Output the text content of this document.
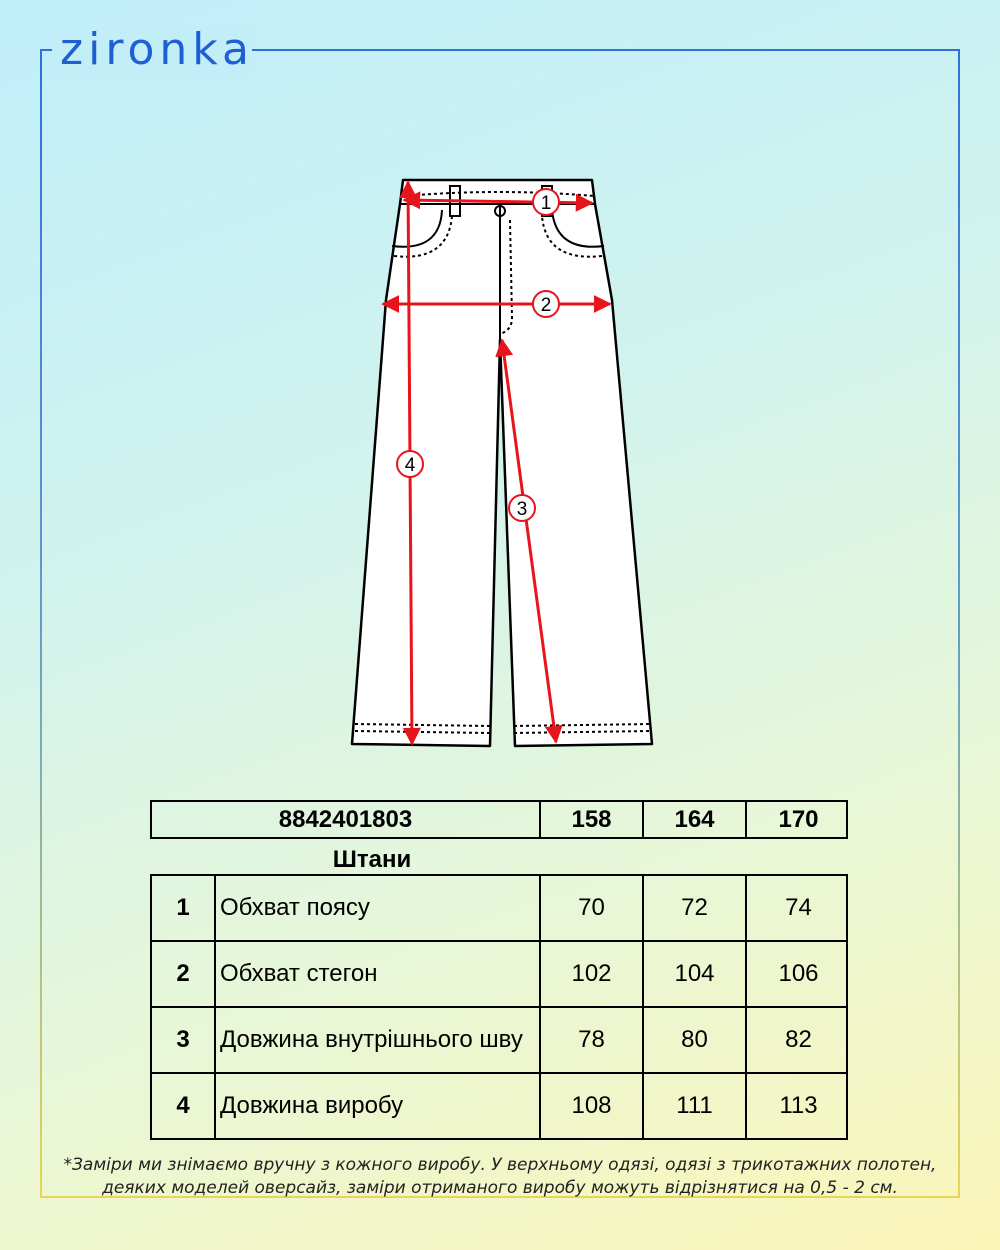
zironka
1
2
3
4
8842401803	158	164	170
Штани
1	Обхват поясу	70	72	74
2	Обхват стегон	102	104	106
3	Довжина внутрішнього шву	78	80	82
4	Довжина виробу	108	111	113
*Заміри ми знімаємо вручну з кожного виробу. У верхньому одязі, одязі з трикотажних полотен, деяких моделей оверсайз, заміри отриманого виробу можуть відрізнятися на 0,5 - 2 см.
